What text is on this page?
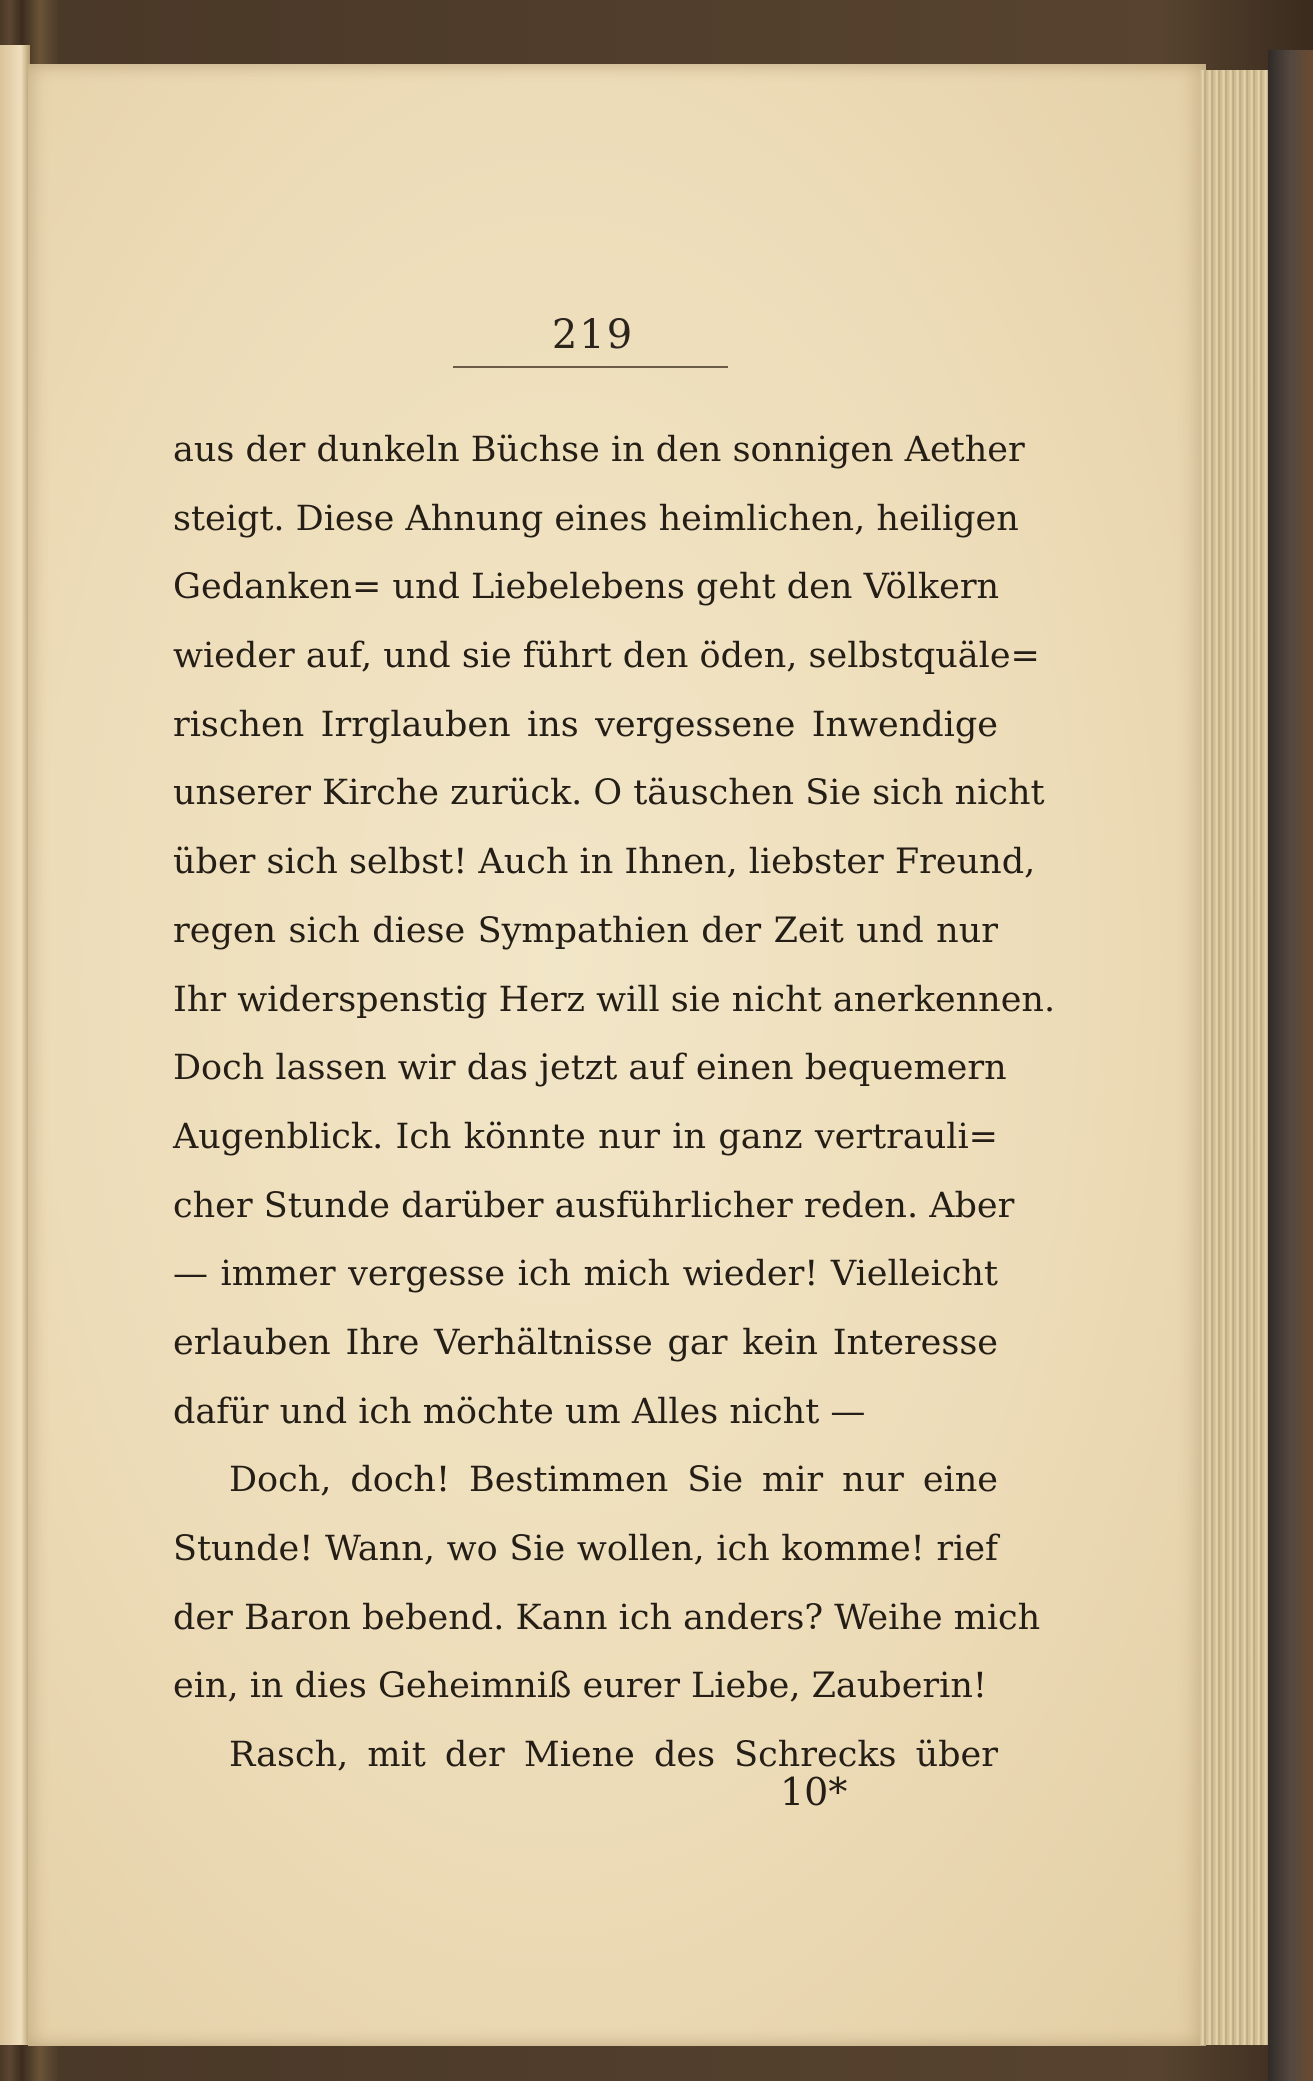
219
aus der dunkeln Büchse in den sonnigen Aether
steigt. Diese Ahnung eines heimlichen, heiligen
Gedanken= und Liebelebens geht den Völkern
wieder auf, und sie führt den öden, selbstquäle=
rischen Irrglauben ins vergessene Inwendige
unserer Kirche zurück. O täuschen Sie sich nicht
über sich selbst! Auch in Ihnen, liebster Freund,
regen sich diese Sympathien der Zeit und nur
Ihr widerspenstig Herz will sie nicht anerkennen.
Doch lassen wir das jetzt auf einen bequemern
Augenblick. Ich könnte nur in ganz vertrauli=
cher Stunde darüber ausführlicher reden. Aber
— immer vergesse ich mich wieder! Vielleicht
erlauben Ihre Verhältnisse gar kein Interesse
dafür und ich möchte um Alles nicht —
Doch, doch! Bestimmen Sie mir nur eine
Stunde! Wann, wo Sie wollen, ich komme! rief
der Baron bebend. Kann ich anders? Weihe mich
ein, in dies Geheimniß eurer Liebe, Zauberin!
Rasch, mit der Miene des Schrecks über
10*
